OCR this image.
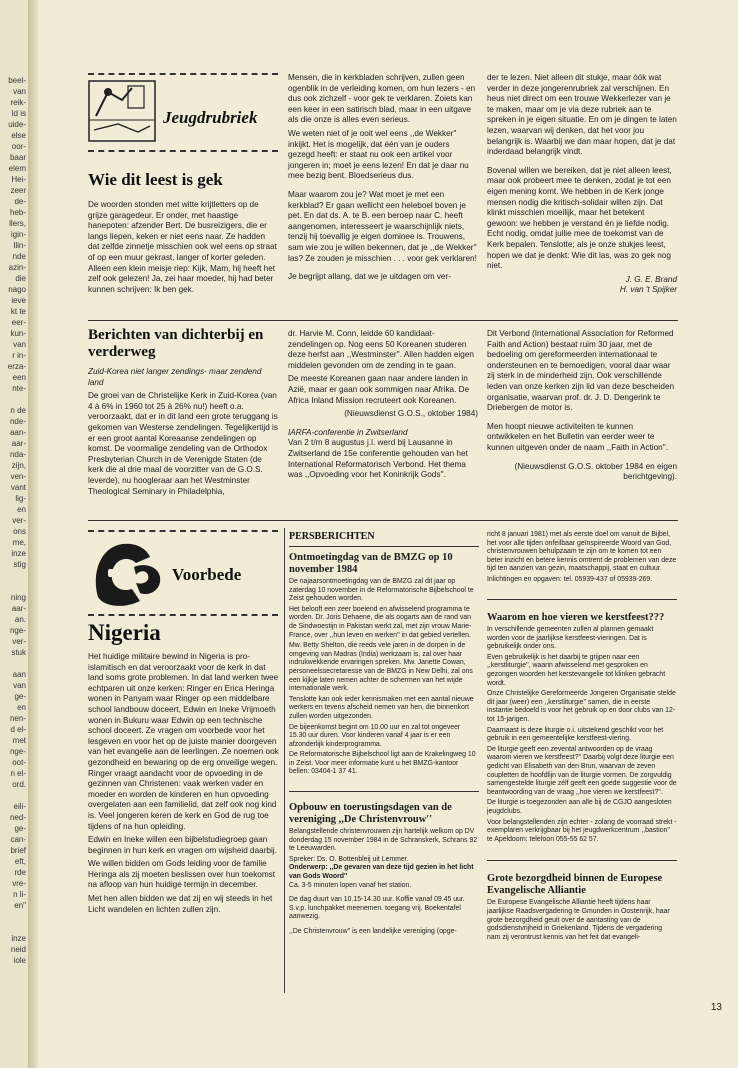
beel-
van
reik-
ld is
uide-
else
oor-
baar
elem
Hei-
zeer
de-
heb-
llers,
igin-
llin-
nde
azin-
die
nago
ieve
kt te
eer-
kun-
van
r in-
erza-
een
nte-
n de
nde-
aan-
aar-
nda-
zijn,
ven-
vant
lig-
en
ver-
ons
me,
inze
stig
ning
aar-
an.
nge-
ver-
stuk
aan
van
ge-
en
nen-
d el-
met
nge-
oot-
n el-
ord.
eili-
ned-
ge-
can-
brief
eft,
rde
vre-
n li-
en"
inze
neid
iole
Jeugdrubriek
Wie dit leest is gek

De woorden stonden met witte krijtletters op de grijze garagedeur. Er onder, met haastige hanepoten: afzender Bert. De busreizigers, die er langs liepen, keken er niet eens naar. Ze hadden dat zelfde zinnetje misschien ook wel eens op straat of op een muur gekrast, langer of korter geleden. Alleen een klein meisje riep: Kijk, Mam, hij heeft het zelf ook gelezen! Ja, zei haar moeder, hij had beter kunnen schrijven: Ik ben gek.

Mensen, die in kerkbladen schrijven, zullen geen ogenblik in de verleiding komen, om hun lezers - en dus ook zichzelf - voor gek te verklaren. Zoiets kan een keer in een satirisch blad, maar in een uitgave als die onze is alles even serieus.

We weten niet of je ooit wel eens ,,de Wekker'' inkijkt. Het is mogelijk, dat één van je ouders gezegd heeft: er staat nu ook een artikel voor jongeren in; moet je eens lezen! En dat je daar nu mee bezig bent. Bloedserieus dus.

Maar waarom zou je? Wat moet je met een kerkblad? Er gaan wellicht een heleboel boven je pet. En dat ds. A. te B. een beroep naar C. heeft aangenomen, interesseert je waarschijnlijk niets, tenzij hij toevallig je eigen dominee is. Trouwens, sam wie zou je willen bekennen, dat je ,,de Wekker'' las? Ze zouden je misschien . . . voor gek verklaren!

Je begrijpt allang, dat we je uitdagen om ver-

der te lezen. Niet alleen dit stukje, maar óók wat verder in deze jongerenrubriek zal verschijnen. En heus niet direct om een trouwe Wekkerlezer van je te maken, maar om je via deze rubriek aan te spreken in je eigen situatie. En om je dingen te laten lezen, waarvan wij denken, dat het voor jou belangrijk is. Waarbij we dan maar hopen, dat je dat inderdaad belangrijk vindt.

Bovenal willen we bereiken, dat je niet alleen leest, maar ook probeert mee te denken, zodat je tot een eigen mening komt. We hebben in de Kerk jonge mensen nodig die kritisch-solidair willen zijn. Dat klinkt misschien moeilijk, maar het betekent gewoon: we hebben je verstand én je liefde nodig. Echt nodig, omdat jullie mee de toekomst van de Kerk bepalen. Tenslotte; als je onze stukjes leest, hopen we dat je denkt: Wie dit las, was zo gek nog niet.

J. G. E. Brand

H. van 't Spijker

Berichten van dichterbij en verderweg

Zuid-Korea niet langer zendings- maar zendend land

De groei van de Christelijke Kerk in Zuid-Korea (van 4 à 6% in 1960 tot 25 à 26% nu!) heeft o.a. veroorzaakt, dat er in dit land een grote teruggang is gekomen van Westerse zendelingen. Tegelijkertijd is er een groot aantal Koreaanse zendelingen op komst. De voormalige zendeling van de Orthodox Presbyterian Church in de Verenigde Staten (de kerk die al drie maal de voorzitter van de G.O.S. leverde), nu hoogleraar aan het Westminster Theological Seminary in Philadelphia,

dr. Harvie M. Conn, leidde 60 kandidaat-zendelingen op. Nog eens 50 Koreanen studeren deze herfst aan ,,Westminster''. Allen hadden eigen middelen gevonden om de zending in te gaan.

De meeste Koreanen gaan naar andere landen in Azië, maar er gaan ook sommigen naar Afrika. De Africa Inland Mission recruteert ook Koreanen.

(Nieuwsdienst G.O.S., oktober 1984)

IARFA-conferentie in Zwitserland

Van 2 t/m 8 augustus j.l. werd bij Lausanne in Zwitserland de 15e conferentie gehouden van het International Reformatorisch Verbond. Het thema was ,,Opvoeding voor het Koninkrijk Gods''.

Dit Verbond (International Association for Reformed Faith and Action) bestaat ruim 30 jaar, met de bedoeling om gereformeerden internationaal te ondersteunen en te bemoedigen, vooral daar waar zij sterk in de minderheid zijn. Ook verschillende leden van onze kerken zijn lid van deze bescheiden organisatie, waarvan prof. dr. J. D. Dengerink te Driebergen de motor is.

Men hoopt nieuwe activiteiten te kunnen ontwikkelen en het Bulletin van eerder weer te kunnen uitgeven onder de naam ,,Faith in Action''.

(Nieuwsdienst G.O.S. oktober 1984 en eigen berichtgeving).

Voorbede
Nigeria

Het huidige militaire bewind in Nigeria is pro-islamitisch en dat veroorzaakt voor de kerk in dat land soms grote problemen. In dat land werken twee echtparen uit onze kerken: Ringer en Erica Heringa wonen in Panyam waar Ringer op een middelbare school landbouw doceert, Edwin en Ineke Vrijmoeth wonen in Bukuru waar Edwin op een technische school doceert. Ze vragen om voorbede voor het lesgeven en voor het op de juiste manier doorgeven van het evangelie aan de leerlingen. Ze noemen ook gezondheid en bewaring op de erg onveilige wegen. Ringer vraagt aandacht voor de opvoeding in de gezinnen van Christenen: vaak werken vader en moeder en worden de kinderen en hun opvoeding overgelaten aan een familielid, dat zelf ook nog kind is. Veel jongeren keren de kerk en God de rug toe tijdens of na hun opleiding.

Edwin en Ineke willen een bijbelstudiegroep gaan beginnen in hun kerk en vragen om wijsheid daarbij.

We willen bidden om Gods leiding voor de familie Heringa als zij moeten beslissen over hun toekomst na afloop van hun huidige termijn in december.

Met hen allen bidden we dat zij en wij steeds in het Licht wandelen en lichten zullen zijn.

PERSBERICHTEN
Ontmoetingdag van de BMZG op 10 november 1984

De najaarsontmoetingdag van de BMZG zal dit jaar op zaterdag 10 november in de Reformatorische Bijbelschool te Zeist gehouden worden.

Het belooft een zeer boeiend en afwisselend programma te worden. Dr. Joris Dehaene, die als oogarts aan de rand van de Sindwoestijn in Pakistan werkt zal, met zijn vrouw Marie-France, over ,,hun leven en werken'' in dat gebied vertellen.

Mw. Betty Shelton, die reeds vele jaren in de dorpen in de omgeving van Madras (India) werkzaam is, zal over haar indrukwekkende ervaringen spreken. Mw. Janette Cowan, personeelssecretaresse van de BMZG in New Delhi, zal ons een kijkje laten nemen achter de schermen van het wijde internationale werk.

Tenslotte kan ook ieder kennismaken met een aantal nieuwe werkers en tevens afscheid nemen van hen, die binnenkort zullen worden uitgezonden.

De bijeenkomst begint om 10.00 uur en zal tot ongeveer 15.30 uur duren. Voor kinderen vanaf 4 jaar is er een afzonderlijk kinderprogramma.

De Reformatorische Bijbelschool ligt aan de Krakelingweg 10 in Zeist. Voor meer informatie kunt u het BMZG-kantoor bellen: 03404-1 37 41.

Opbouw en toerustingsdagen van de vereniging ,,De Christenvrouw''

Belangstellende christenvrouwen zijn hartelijk welkom op DV donderdag 15 november 1984 in de Schranskerk, Schrans 92 te Leeuwarden.

Spreker: Ds. O. Bottenbleij uit Lemmer.

Onderwerp: ,,De gevaren van deze tijd gezien in het licht van Gods Woord''

Ca. 3-5 minuten lopen vanaf het station.

De dag duurt van 10.15-14.30 uur. Koffie vanaf 09.45 uur. S.v.p. lunchpakket meenemen. toegang vrij. Boekentafel aanwezig.

,,De Christenvrouw'' is een landelijke vereniging (opge-

richt 8 januari 1981) met als eerste doel om vanuit de Bijbel, het voor alle tijden onfeilbaar geïnspireerde Woord van God, christenvrouwen behulpzaam te zijn om te komen tot een beter inzicht en betere kennis omtrent de problemen van deze tijd ten aanzien van gezin, maatschappij, staat en cultuur.

Inlichtingen en opgaven: tel. 05939-437 of 05939-269.

Waarom en hoe vieren we kerstfeest???

In verschillende gemeenten zullen al plannen gemaakt worden voor de jaarlijkse kerstfeest-vieringen. Dat is gebruikelijk onder ons.

Even gebruikelijk is het daarbij te grijpen naar een ,,kerstliturgie'', waarin afwisselend met gesproken en gezongen woorden het kerstevangelie tot klinken gebracht wordt.

Onze Christelijke Gereformeerde Jongeren Organisatie stelde dit jaar (weer) een ,,kerstliturgie'' samen, die in eerste instantie bedoeld is voor het gebruik op en door clubs van 12- tot 15-jarigen.

Daarnaast is deze liturgie o.i. uitstekend geschikt voor het gebruik in een gemeentelijke kerstfeest-viering.

De liturgie geeft een zevental antwoorden op de vraag waarom vieren we kerstfeest?'' Daarbij volgt deze liturgie een gedicht van Elisabeth van den Brun, waarvan de zeven coupletten de hoofdlijn van de liturgie vormen. De zorgvuldig samengestelde liturgie zélf geeft een goede suggestie voor de beantwoording van de vraag ,,hoe vieren we kerstfeest?''.

De liturgie is toegezonden aan alle bij de CGJO aangesloten jeugdclubs.

Voor belangstellenden zijn echter - zolang de voorraad strekt - exemplaren verkrijgbaar bij het jeugdwerkcentrum ,,bastion'' te Apeldoorn: telefoon 055-55 62 57.

Grote bezorgdheid binnen de Europese Evangelische Alliantie

De Europese Evangelische Alliantie heeft tijdens haar jaarlijkse Raadsvergadering te Gmunden in Oostenrijk, haar grote bezorgdheid geuit over de aantasting van de godsdienstvrijheid in Griekenland. Tijdens de vergadering nam zij verontrust kennis van het feit dat evangeli-

13
